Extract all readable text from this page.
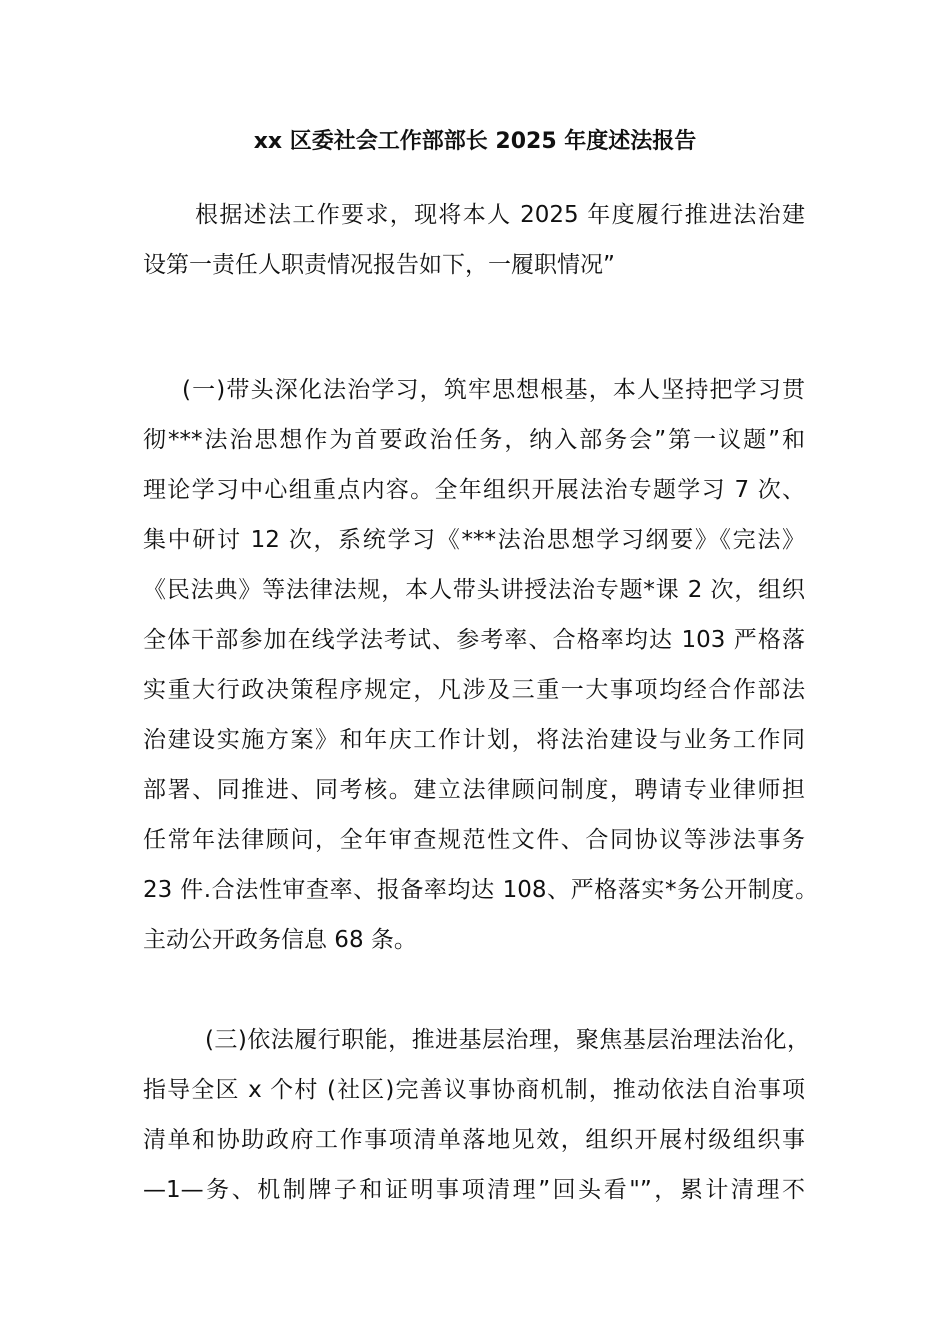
xx 区委社会工作部部长 2025 年度述法报告
根据述法工作要求，现将本人 2025 年度履行推进法治建
设第一责任人职责情况报告如下，一履职情况”
(一)带头深化法治学习，筑牢思想根基，本人坚持把学习贯
彻***法治思想作为首要政治任务，纳入部务会”第一议题”和
理论学习中心组重点内容。全年组织开展法治专题学习 7 次、
集中研讨 12 次，系统学习《***法治思想学习纲要》《完法》
《民法典》等法律法规，本人带头讲授法治专题*课 2 次，组织
全体干部参加在线学法考试、参考率、合格率均达 103 严格落
实重大行政决策程序规定，凡涉及三重一大事项均经合作部法
治建设实施方案》和年庆工作计划，将法治建设与业务工作同
部署、同推进、同考核。建立法律顾问制度，聘请专业律师担
任常年法律顾问，全年审查规范性文件、合同协议等涉法事务
23 件.合法性审查率、报备率均达 108、严格落实*务公开制度。
主动公开政务信息 68 条。
(三)依法履行职能，推进基层治理，聚焦基层治理法治化，
指导全区 x 个村 (社区)完善议事协商机制，推动依法自治事项
清单和协助政府工作事项清单落地见效，组织开展村级组织事
—1—务、机制牌子和证明事项清理”回头看"”，累计清理不
